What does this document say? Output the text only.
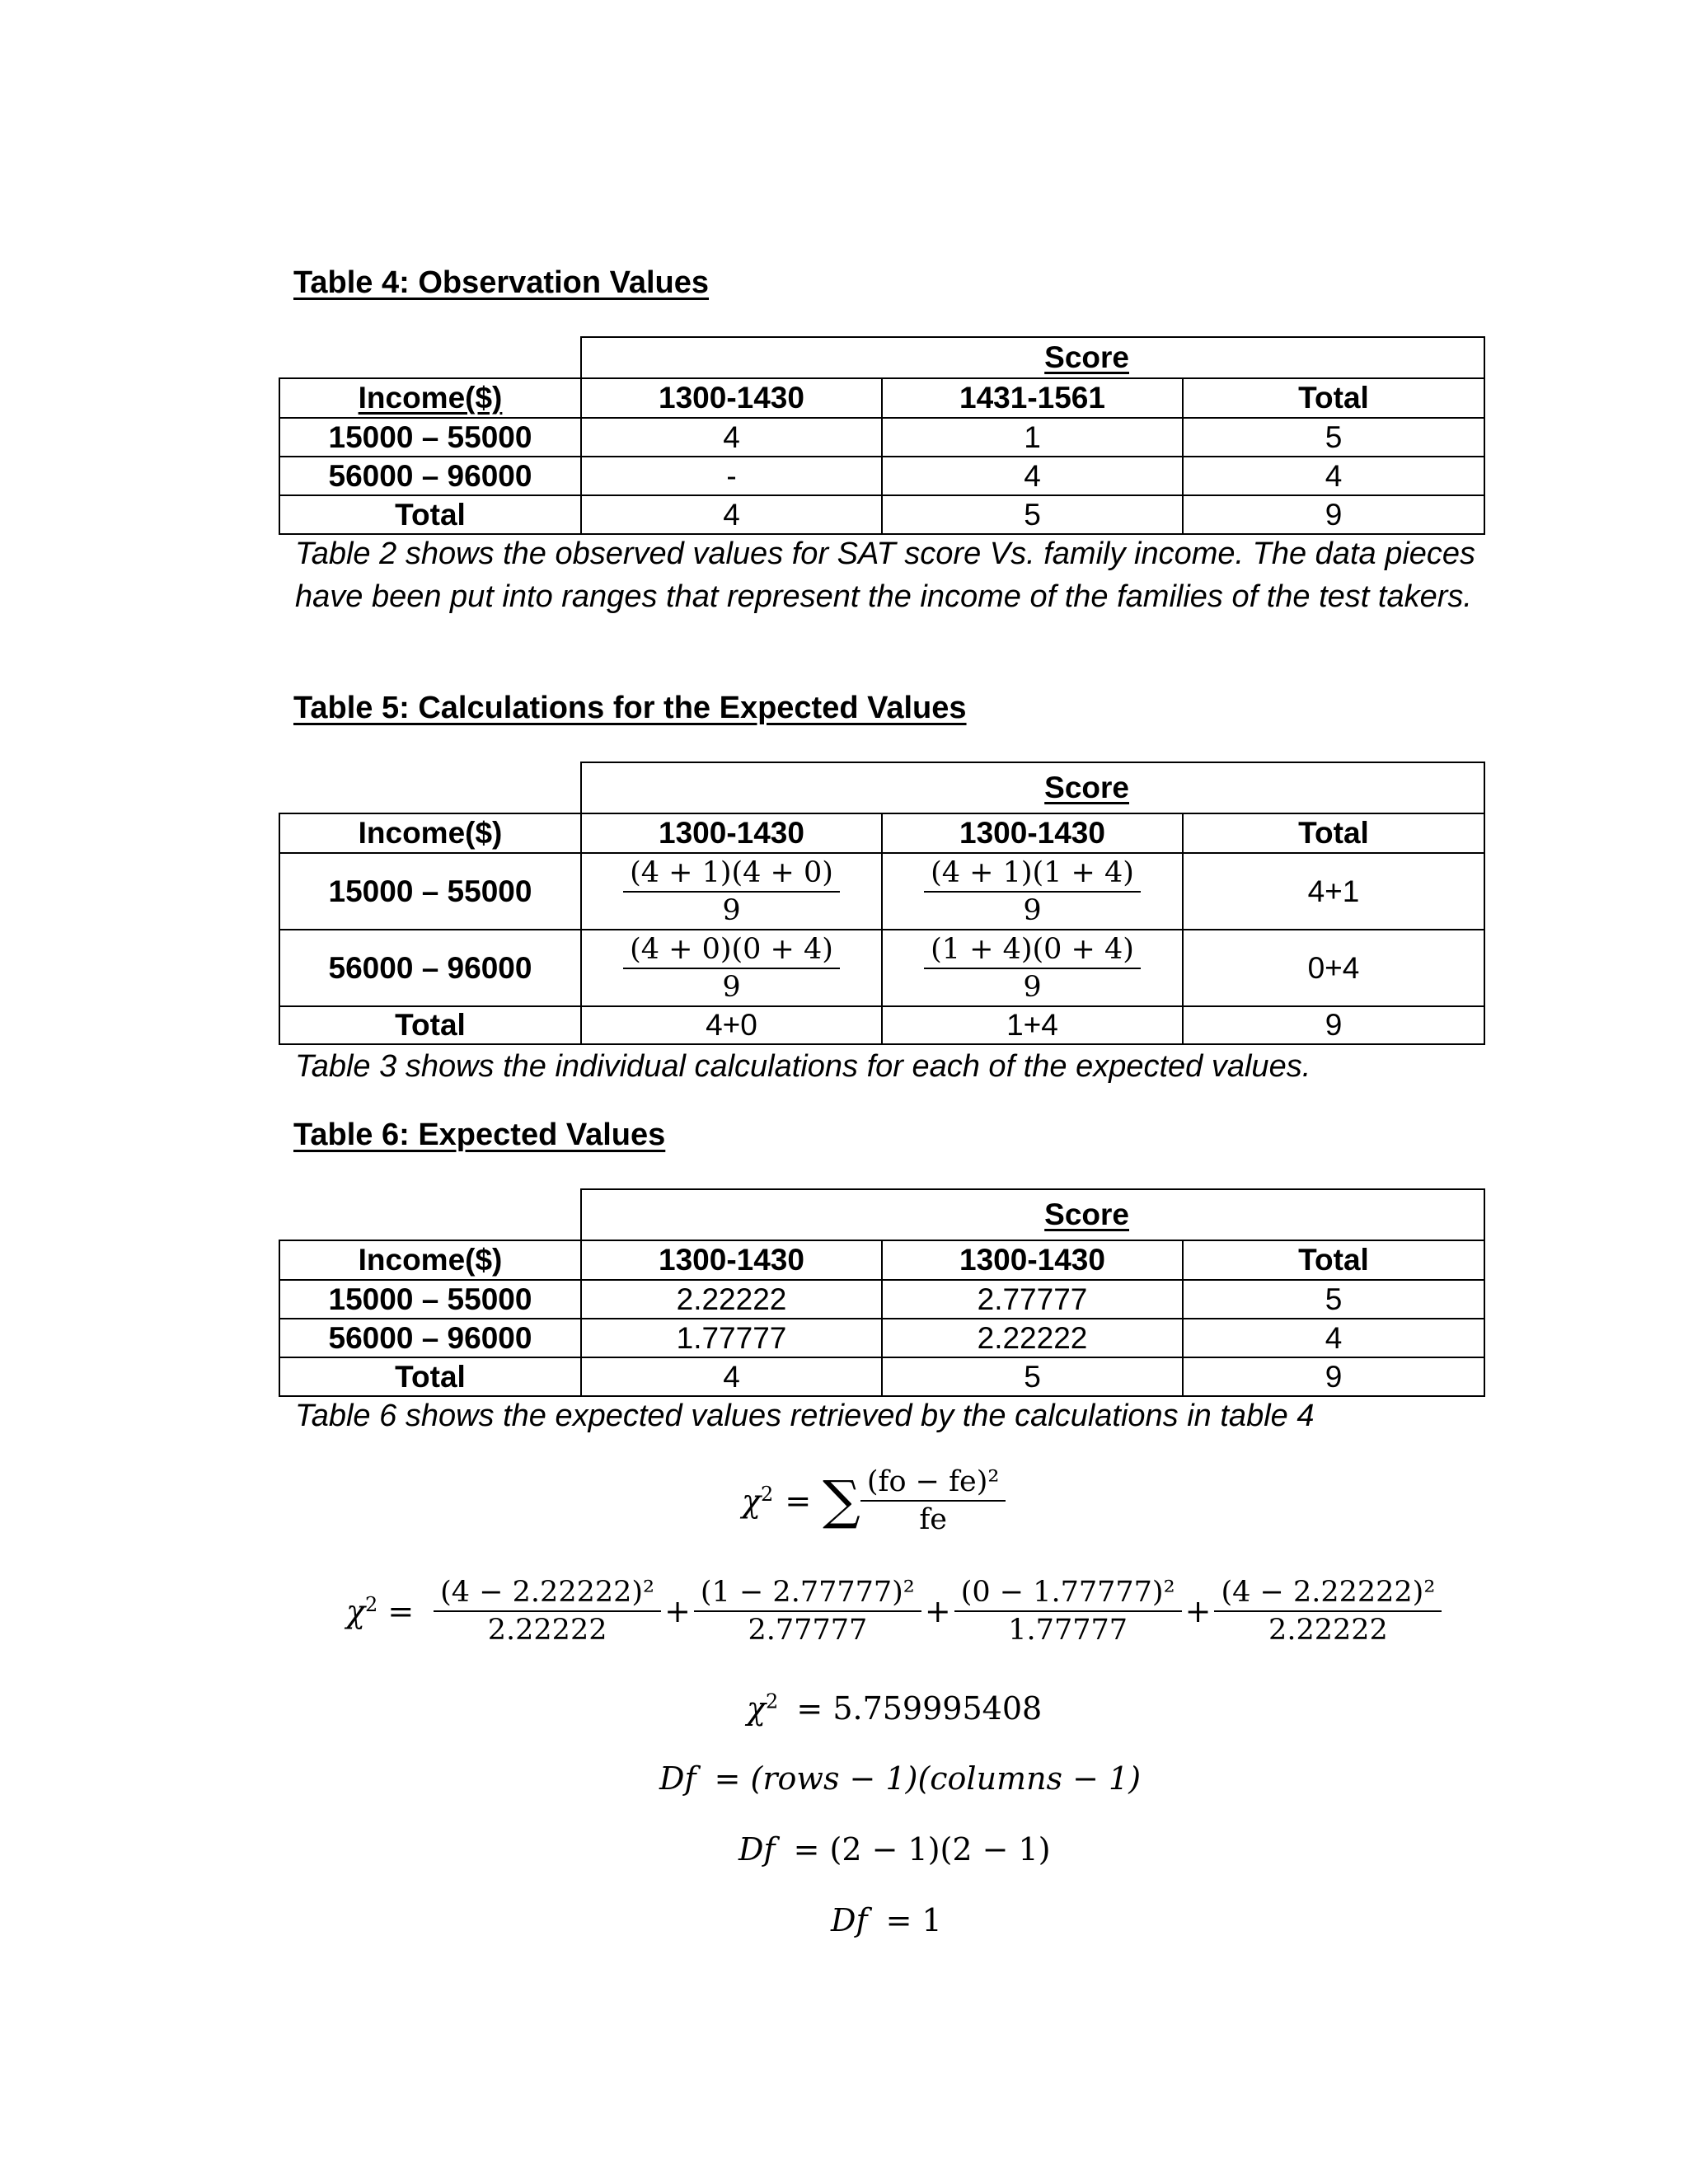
Table 4: Observation Values
	Score		
Income($)	1300-1430	1431-1561	Total
15000 – 55000	4	1	5
56000 – 96000	-	4	4
Total	4	5	9
Table 2 shows the observed values for SAT score Vs. family income. The data pieces have been put into ranges that represent the income of the families of the test takers.
Table 5: Calculations for the Expected Values
	Score		
Income($)	1300-1430	1300-1430	Total
15000 – 55000	$\frac{(4 + 1)(4 + 0)}{9}$	$\frac{(4 + 1)(1 + 4)}{9}$	4+1
56000 – 96000	$\frac{(4 + 0)(0 + 4)}{9}$	$\frac{(1 + 4)(0 + 4)}{9}$	0+4
Total	4+0	1+4	9
Table 3 shows the individual calculations for each of the expected values.
Table 6: Expected Values
	Score		
Income($)	1300-1430	1300-1430	Total
15000 – 55000	2.22222	2.77777	5
56000 – 96000	1.77777	2.22222	4
Total	4	5	9
Table 6 shows the expected values retrieved by the calculations in table 4
$\chi^2$ = ∑ $\frac{\text{(fo − fe)²}}{fe}$
$\chi^2 = \frac{\text{(4 − 2.22222)²}}{2.22222} + \frac{\text{(1 − 2.77777)²}}{2.77777} + \frac{\text{(0 − 1.77777)²}}{1.77777} + \frac{\text{(4 − 2.22222)²}}{2.22222}$
$\chi^2 = 5.759995408$
Df = (rows − 1)(columns − 1)
Df = (2 − 1)(2 − 1)
Df = 1
